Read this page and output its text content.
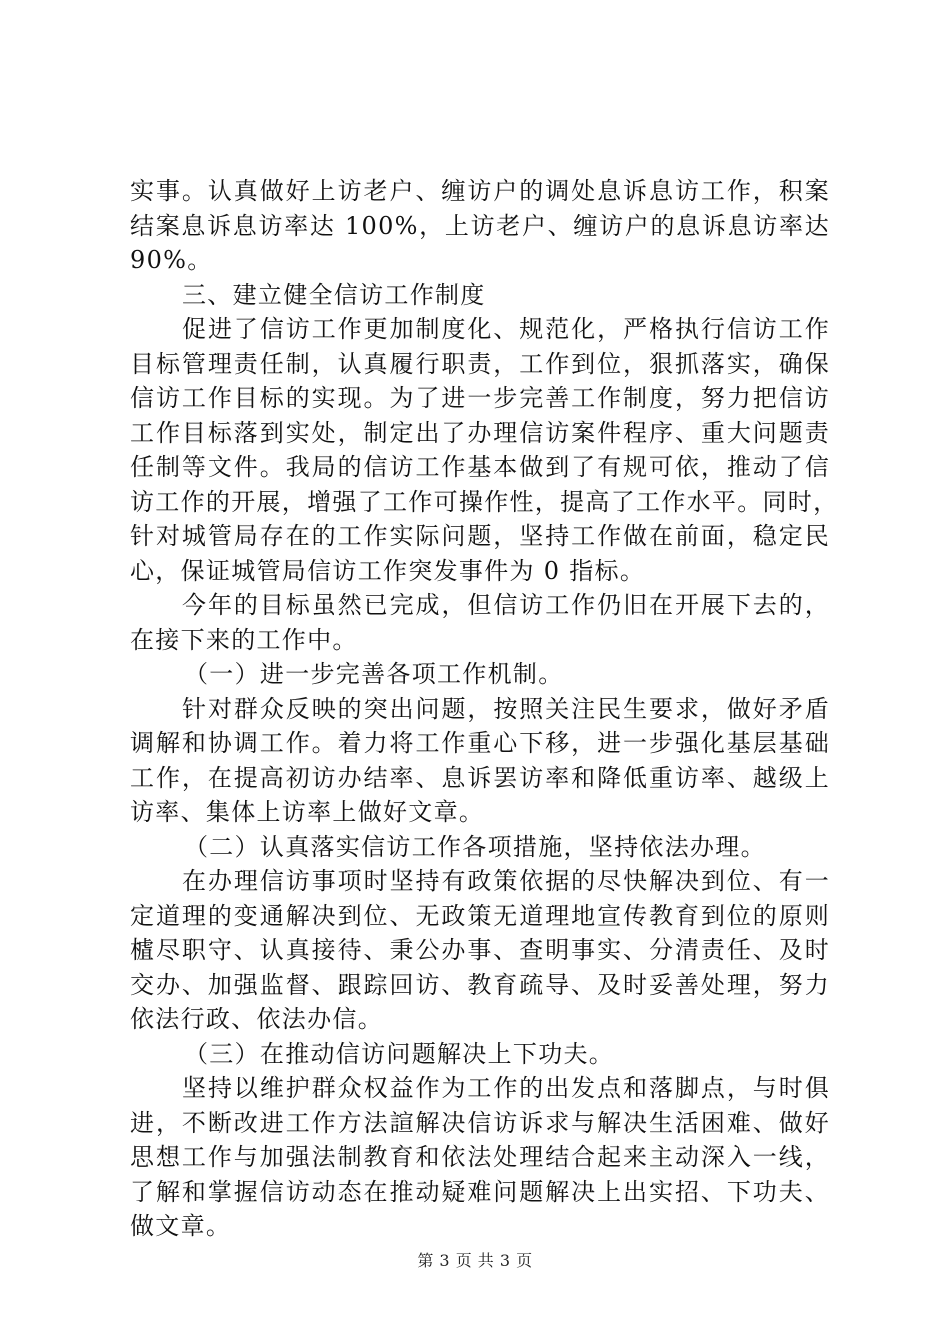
实事。认真做好上访老户、缠访户的调处息诉息访工作，积案
结案息诉息访率达 100%，上访老户、缠访户的息诉息访率达
90%。
三、建立健全信访工作制度
促进了信访工作更加制度化、规范化，严格执行信访工作
目标管理责任制，认真履行职责，工作到位，狠抓落实，确保
信访工作目标的实现。为了进一步完善工作制度，努力把信访
工作目标落到实处，制定出了办理信访案件程序、重大问题责
任制等文件。我局的信访工作基本做到了有规可依，推动了信
访工作的开展，增强了工作可操作性，提高了工作水平。同时，
针对城管局存在的工作实际问题，坚持工作做在前面，稳定民
心，保证城管局信访工作突发事件为 0 指标。
今年的目标虽然已完成，但信访工作仍旧在开展下去的，
在接下来的工作中。
（一）进一步完善各项工作机制。
针对群众反映的突出问题，按照关注民生要求，做好矛盾
调解和协调工作。着力将工作重心下移，进一步强化基层基础
工作，在提高初访办结率、息诉罢访率和降低重访率、越级上
访率、集体上访率上做好文章。
（二）认真落实信访工作各项措施，坚持依法办理。
在办理信访事项时坚持有政策依据的尽快解决到位、有一
定道理的变通解决到位、无政策无道理地宣传教育到位的原则
樝尽职守、认真接待、秉公办事、查明事实、分清责任、及时
交办、加强监督、跟踪回访、教育疏导、及时妥善处理，努力
依法行政、依法办信。
（三）在推动信访问题解决上下功夫。
坚持以维护群众权益作为工作的出发点和落脚点，与时俱
进，不断改进工作方法諠解决信访诉求与解决生活困难、做好
思想工作与加强法制教育和依法处理结合起来主动深入一线，
了解和掌握信访动态在推动疑难问题解决上出实招、下功夫、
做文章。
第 3 页 共 3 页
